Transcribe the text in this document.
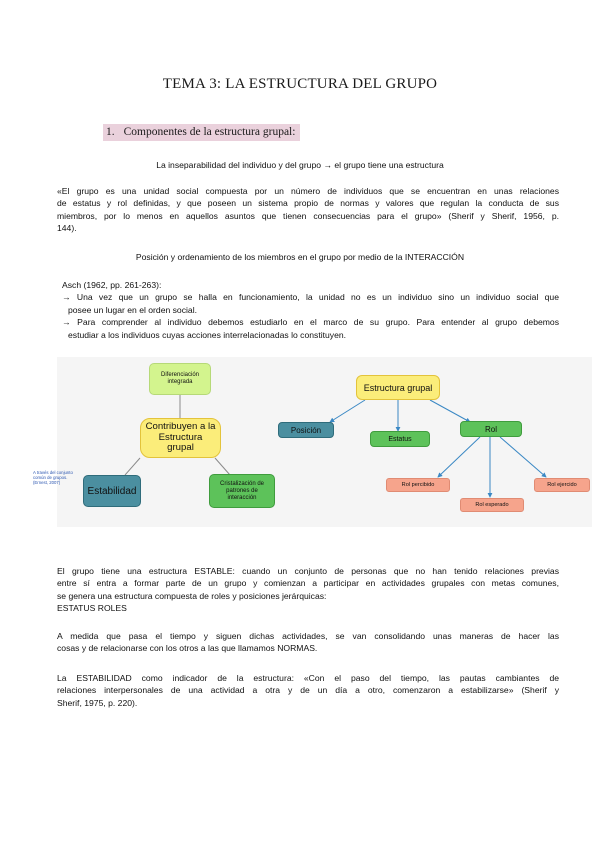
TEMA 3: LA ESTRUCTURA DEL GRUPO
1. Componentes de la estructura grupal:
La inseparabilidad del individuo y del grupo → el grupo tiene una estructura
«El grupo es una unidad social compuesta por un número de individuos que se encuentran en unas relaciones
de estatus y rol definidas, y que poseen un sistema propio de normas y valores que regulan la conducta de sus
miembros, por lo menos en aquellos asuntos que tienen consecuencias para el grupo» (Sherif y Sherif, 1956, p.
144).
Posición y ordenamiento de los miembros en el grupo por medio de la INTERACCIÓN
Asch (1962, pp. 261-263):
→ Una vez que un grupo se halla en funcionamiento, la unidad no es un individuo sino un individuo social que
posee un lugar en el orden social.
→ Para comprender al individuo debemos estudiarlo en el marco de su grupo. Para entender al grupo debemos
estudiar a los individuos cuyas acciones interrelacionadas lo constituyen.
Diferenciación integrada
Contribuyen a la Estructura grupal
Estabilidad
Cristalización de patrones de interacción
A través del conjunto común de grupos. (Ernest, 2007)
Estructura grupal
Posición
Estatus
Rol
Rol percibido
Rol esperado
Rol ejercido
El grupo tiene una estructura ESTABLE: cuando un conjunto de personas que no han tenido relaciones previas
entre sí entra a formar parte de un grupo y comienzan a participar en actividades grupales con metas comunes,
se genera una estructura compuesta de roles y posiciones jerárquicas:
ESTATUS ROLES
A medida que pasa el tiempo y siguen dichas actividades, se van consolidando unas maneras de hacer las
cosas y de relacionarse con los otros a las que llamamos NORMAS.
La ESTABILIDAD como indicador de la estructura: «Con el paso del tiempo, las pautas cambiantes de
relaciones interpersonales de una actividad a otra y de un día a otro, comenzaron a estabilizarse» (Sherif y
Sherif, 1975, p. 220).
